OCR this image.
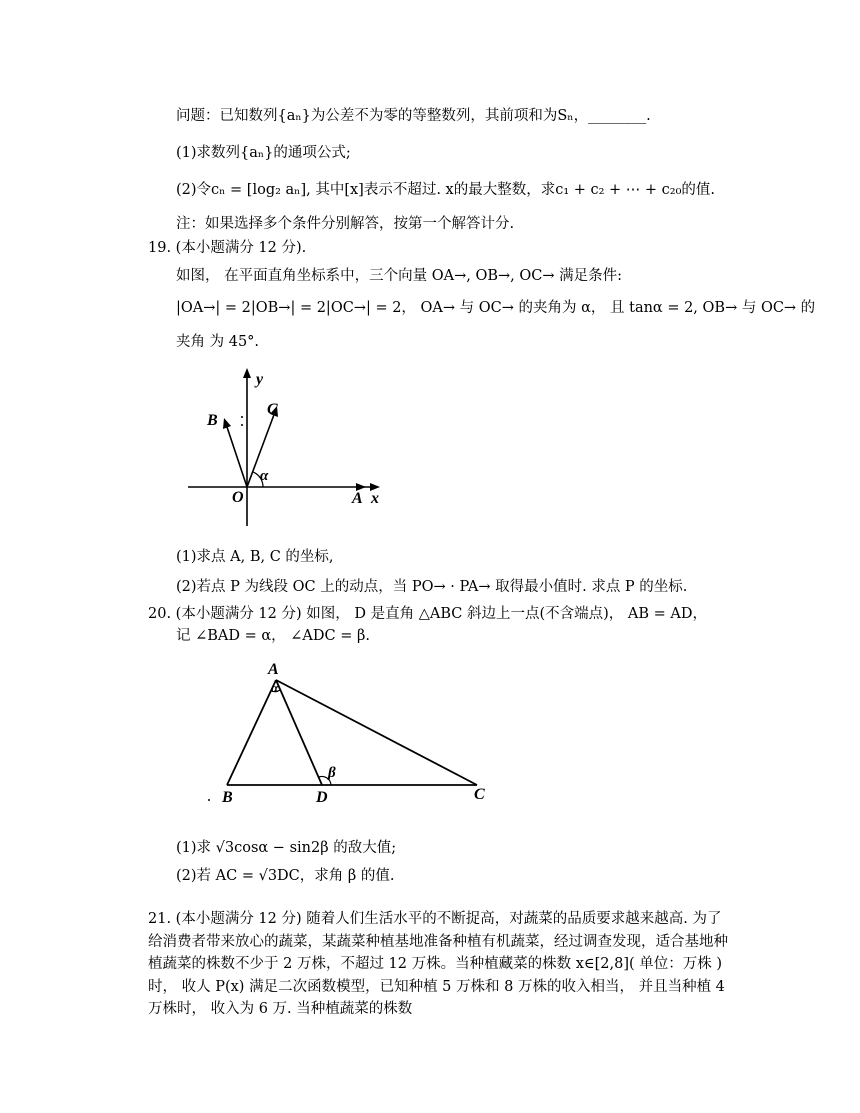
问题：已知数列{aₙ}为公差不为零的等整数列，其前项和为Sₙ，________.
(1)求数列{aₙ}的通项公式;
(2)令cₙ = [log₂ aₙ], 其中[x]表示不超过. x的最大整数，求c₁ + c₂ + ⋯ + c₂₀的值.
注：如果选择多个条件分别解答，按第一个解答计分.
19. (本小题满分 12 分).
如图， 在平面直角坐标系中，三个向量 OA→, OB→, OC→ 满足条件:
|OA→| = 2|OB→| = 2|OC→| = 2， OA→ 与 OC→ 的夹角为 α， 且 tanα = 2, OB→ 与 OC→ 的
夹角 为 45°.
y
B
C
α
O	A x
(1)求点 A, B, C 的坐标,
(2)若点 P 为线段 OC 上的动点，当 PO→ · PA→ 取得最小值时. 求点 P 的坐标.
20. (本小题满分 12 分) 如图， D 是直角 △ABC 斜边上一点(不含端点)， AB = AD，
记 ∠BAD = α， ∠ADC = β.
A
α
β
B	D	C
(1)求 √3cosα − sin2β 的敌大值;
(2)若 AC = √3DC，求角 β 的值.
21. (本小题满分 12 分) 随着人们生活水平的不断捉高，对蔬菜的品质要求越来越高. 为了给消费者带来放心的蔬菜，某蔬菜种植基地准备种植有机蔬菜，经过调查发现，适合基地种植蔬菜的株数不少于 2 万株，不超过 12 万株。当种植藏菜的株数 x∈[2,8]( 单位：万株 ) 时， 收人 P(x) 满足二次函数模型，已知种植 5 万株和 8 万株的收入相当， 并且当种植 4 万株时， 收入为 6 万. 当种植蔬菜的株数
